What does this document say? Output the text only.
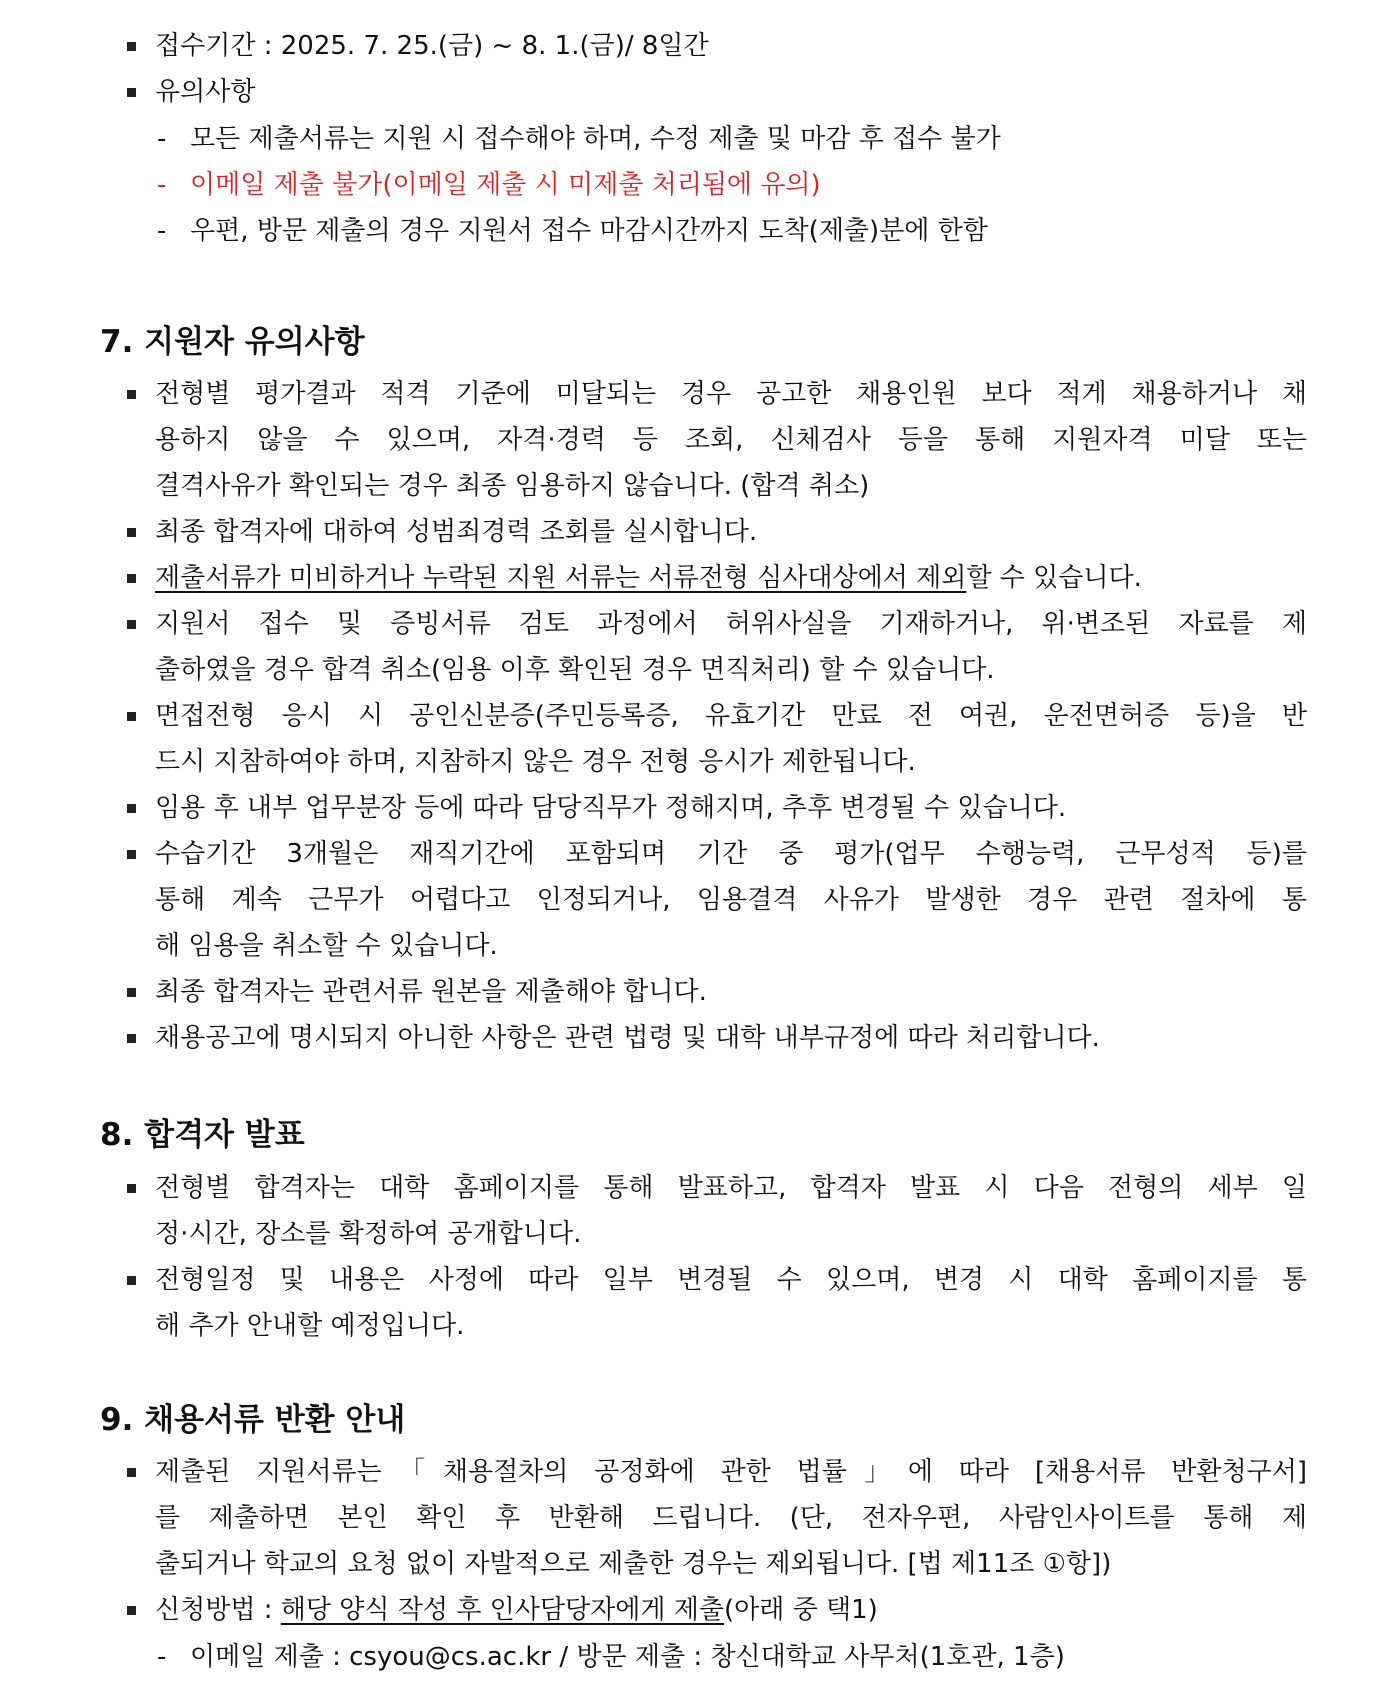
접수기간 : 2025. 7. 25.(금) ~ 8. 1.(금)/ 8일간
유의사항
- 모든 제출서류는 지원 시 접수해야 하며, 수정 제출 및 마감 후 접수 불가
- 이메일 제출 불가(이메일 제출 시 미제출 처리됨에 유의)
- 우편, 방문 제출의 경우 지원서 접수 마감시간까지 도착(제출)분에 한함
7. 지원자 유의사항
전형별 평가결과 적격 기준에 미달되는 경우 공고한 채용인원 보다 적게 채용하거나 채
용하지 않을 수 있으며, 자격·경력 등 조회, 신체검사 등을 통해 지원자격 미달 또는
결격사유가 확인되는 경우 최종 임용하지 않습니다. (합격 취소)
최종 합격자에 대하여 성범죄경력 조회를 실시합니다.
제출서류가 미비하거나 누락된 지원 서류는 서류전형 심사대상에서 제외할 수 있습니다.
지원서 접수 및 증빙서류 검토 과정에서 허위사실을 기재하거나, 위·변조된 자료를 제
출하였을 경우 합격 취소(임용 이후 확인된 경우 면직처리) 할 수 있습니다.
면접전형 응시 시 공인신분증(주민등록증, 유효기간 만료 전 여권, 운전면허증 등)을 반
드시 지참하여야 하며, 지참하지 않은 경우 전형 응시가 제한됩니다.
임용 후 내부 업무분장 등에 따라 담당직무가 정해지며, 추후 변경될 수 있습니다.
수습기간 3개월은 재직기간에 포함되며 기간 중 평가(업무 수행능력, 근무성적 등)를
통해 계속 근무가 어렵다고 인정되거나, 임용결격 사유가 발생한 경우 관련 절차에 통
해 임용을 취소할 수 있습니다.
최종 합격자는 관련서류 원본을 제출해야 합니다.
채용공고에 명시되지 아니한 사항은 관련 법령 및 대학 내부규정에 따라 처리합니다.
8. 합격자 발표
전형별 합격자는 대학 홈페이지를 통해 발표하고, 합격자 발표 시 다음 전형의 세부 일
정·시간, 장소를 확정하여 공개합니다.
전형일정 및 내용은 사정에 따라 일부 변경될 수 있으며, 변경 시 대학 홈페이지를 통
해 추가 안내할 예정입니다.
9. 채용서류 반환 안내
제출된 지원서류는「채용절차의 공정화에 관한 법률」에 따라 [채용서류 반환청구서]
를 제출하면 본인 확인 후 반환해 드립니다. (단, 전자우편, 사람인사이트를 통해 제
출되거나 학교의 요청 없이 자발적으로 제출한 경우는 제외됩니다. [법 제11조 ①항])
신청방법 : 해당 양식 작성 후 인사담당자에게 제출(아래 중 택1)
- 이메일 제출 : csyou@cs.ac.kr / 방문 제출 : 창신대학교 사무처(1호관, 1층)
